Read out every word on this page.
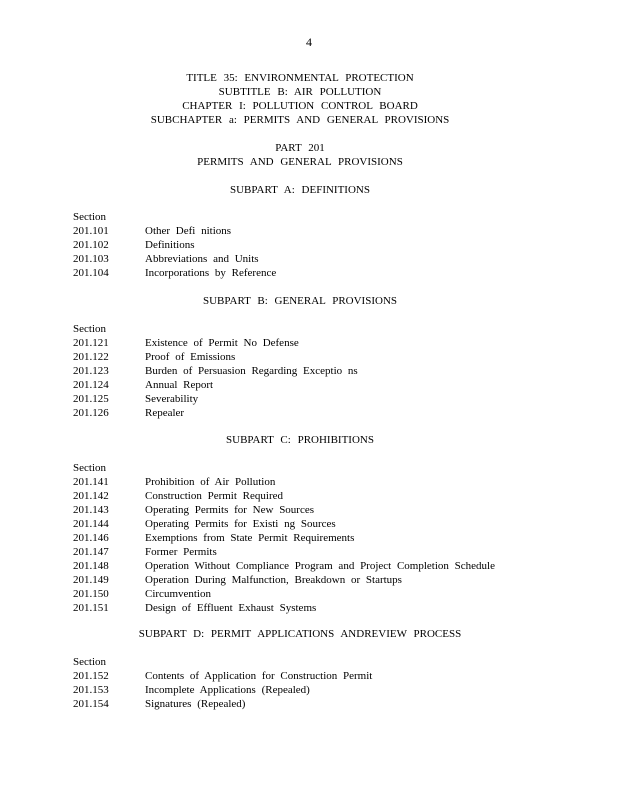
4
TITLE 35: ENVIRONMENTAL PROTECTION
SUBTITLE B: AIR POLLUTION
CHAPTER I: POLLUTION CONTROL BOARD
SUBCHAPTER a: PERMITS AND GENERAL PROVISIONS
PART 201
PERMITS AND GENERAL PROVISIONS
SUBPART A: DEFINITIONS
Section
201.101	Other Defi nitions
201.102	Definitions
201.103	Abbreviations and Units
201.104	Incorporations by Reference
SUBPART B: GENERAL PROVISIONS
Section
201.121	Existence of Permit No Defense
201.122	Proof of Emissions
201.123	Burden of Persuasion Regarding Exceptio ns
201.124	Annual Report
201.125	Severability
201.126	Repealer
SUBPART C: PROHIBITIONS
Section
201.141	Prohibition of Air Pollution
201.142	Construction Permit Required
201.143	Operating Permits for New Sources
201.144	Operating Permits for Existi ng Sources
201.146	Exemptions from State Permit Requirements
201.147	Former Permits
201.148	Operation Without Compliance Program and Project Completion Schedule
201.149	Operation During Malfunction, Breakdown or Startups
201.150	Circumvention
201.151	Design of Effluent Exhaust Systems
SUBPART D: PERMIT APPLICATIONS ANDREVIEW PROCESS
Section
201.152	Contents of Application for Construction Permit
201.153	Incomplete Applications (Repealed)
201.154	Signatures (Repealed)
